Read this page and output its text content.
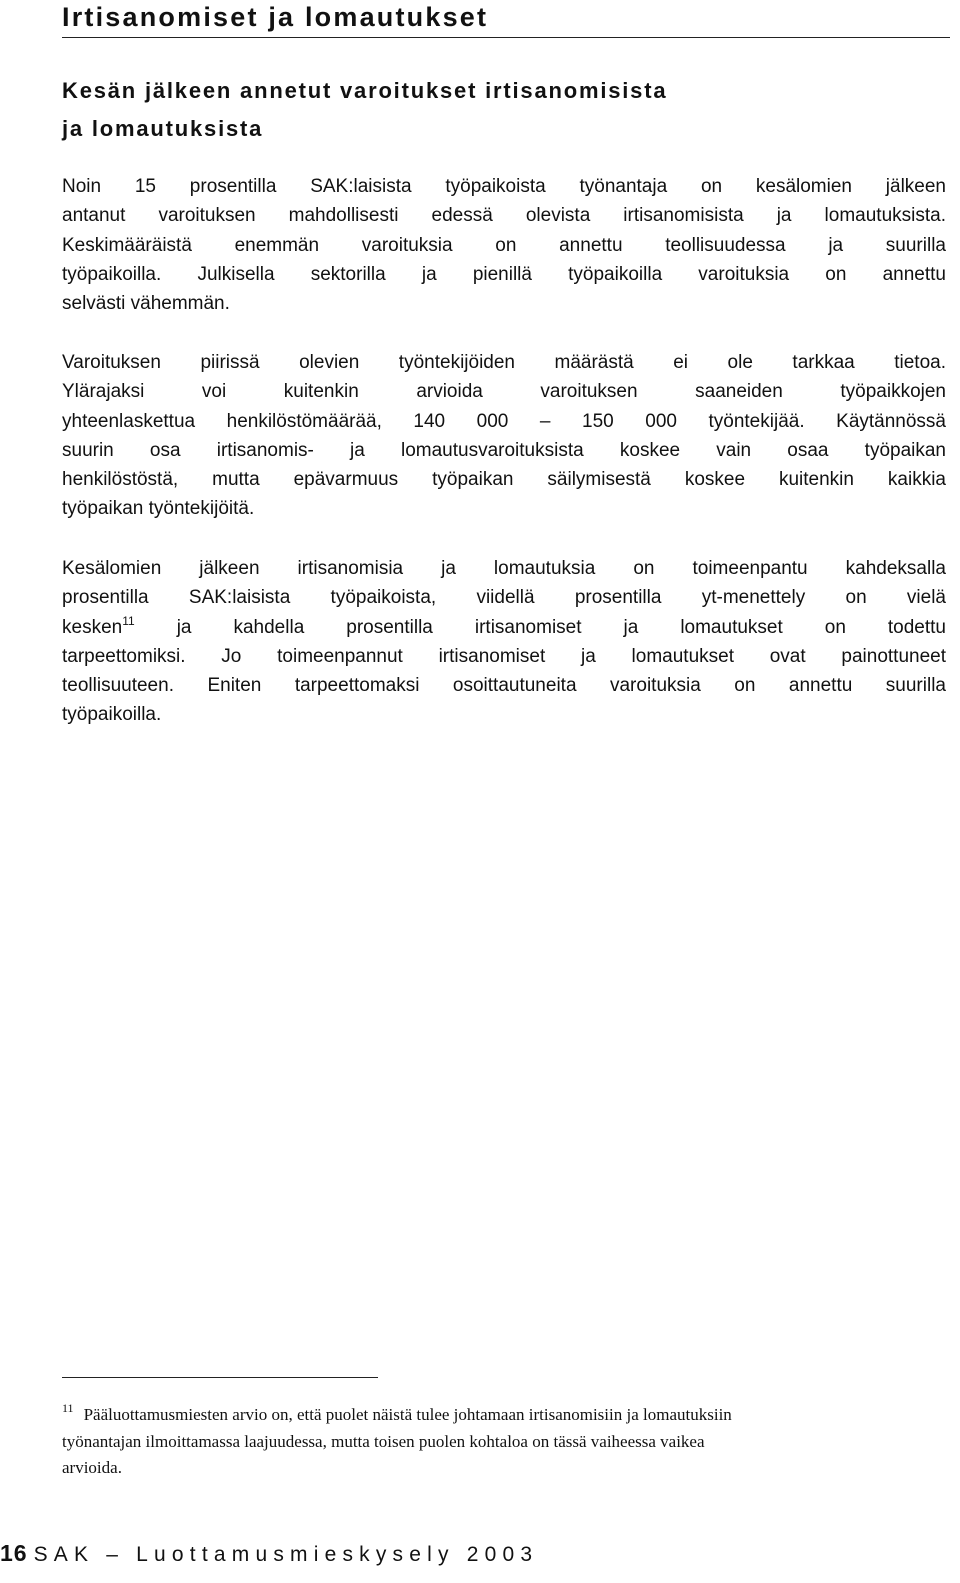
Irtisanomiset ja lomautukset
Kesän jälkeen annetut varoitukset irtisanomisista
ja lomautuksista
Noin 15 prosentilla SAK:laisista työpaikoista työnantaja on kesälomien jälkeen
antanut varoituksen mahdollisesti edessä olevista irtisanomisista ja lomautuksista.
Keskimääräistä enemmän varoituksia on annettu teollisuudessa ja suurilla
työpaikoilla. Julkisella sektorilla ja pienillä työpaikoilla varoituksia on annettu
selvästi vähemmän.
Varoituksen piirissä olevien työntekijöiden määrästä ei ole tarkkaa tietoa.
Ylärajaksi voi kuitenkin arvioida varoituksen saaneiden työpaikkojen
yhteenlaskettua henkilöstömäärää, 140 000 – 150 000 työntekijää. Käytännössä
suurin osa irtisanomis- ja lomautusvaroituksista koskee vain osaa työpaikan
henkilöstöstä, mutta epävarmuus työpaikan säilymisestä koskee kuitenkin kaikkia
työpaikan työntekijöitä.
Kesälomien jälkeen irtisanomisia ja lomautuksia on toimeenpantu kahdeksalla
prosentilla SAK:laisista työpaikoista, viidellä prosentilla yt-menettely on vielä
kesken$^{11}$ ja kahdella prosentilla irtisanomiset ja lomautukset on todettu
tarpeettomiksi. Jo toimeenpannut irtisanomiset ja lomautukset ovat painottuneet
teollisuuteen. Eniten tarpeettomaksi osoittautuneita varoituksia on annettu suurilla
työpaikoilla.
$^{11}$ Pääluottamusmiesten arvio on, että puolet näistä tulee johtamaan irtisanomisiin ja lomautuksiin
työnantajan ilmoittamassa laajuudessa, mutta toisen puolen kohtaloa on tässä vaiheessa vaikea
arvioida.
16 SAK – Luottamusmieskysely 2003
